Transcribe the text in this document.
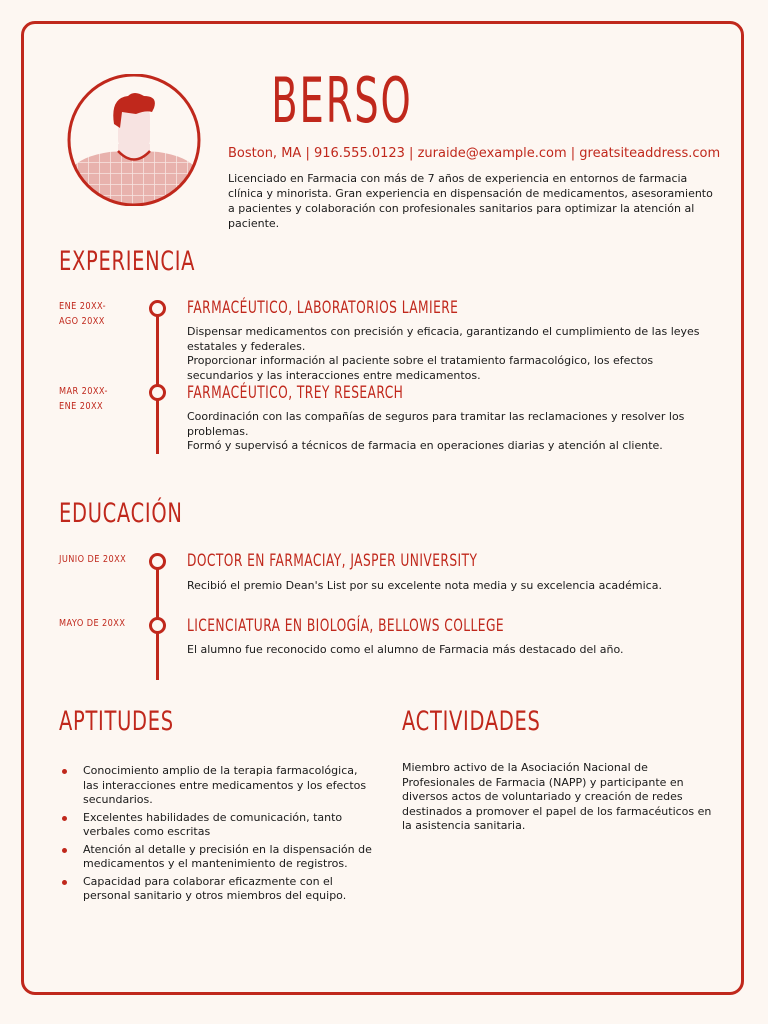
BERSO
Boston, MA | 916.555.0123 | zuraide@example.com | greatsiteaddress.com
Licenciado en Farmacia con más de 7 años de experiencia en entornos de farmacia clínica y minorista. Gran experiencia en dispensación de medicamentos, asesoramiento a pacientes y colaboración con profesionales sanitarios para optimizar la atención al paciente.
EXPERIENCIA
ENE 20XX-
AGO 20XX
FARMACÉUTICO, LABORATORIOS LAMIERE

Dispensar medicamentos con precisión y eficacia, garantizando el cumplimiento de las leyes estatales y federales.

Proporcionar información al paciente sobre el tratamiento farmacológico, los efectos secundarios y las interacciones entre medicamentos.

MAR 20XX-
ENE 20XX
FARMACÉUTICO, TREY RESEARCH

Coordinación con las compañías de seguros para tramitar las reclamaciones y resolver los problemas.

Formó y supervisó a técnicos de farmacia en operaciones diarias y atención al cliente.

EDUCACIÓN
JUNIO DE 20XX	DOCTOR EN FARMACIAY, JASPER UNIVERSITY
Recibió el premio Dean's List por su excelente nota media y su excelencia académica.
MAYO DE 20XX	LICENCIATURA EN BIOLOGÍA, BELLOWS COLLEGE
El alumno fue reconocido como el alumno de Farmacia más destacado del año.
APTITUDES
Conocimiento amplio de la terapia farmacológica, las interacciones entre medicamentos y los efectos secundarios.
Excelentes habilidades de comunicación, tanto verbales como escritas
Atención al detalle y precisión en la dispensación de medicamentos y el mantenimiento de registros.
Capacidad para colaborar eficazmente con el personal sanitario y otros miembros del equipo.
ACTIVIDADES
Miembro activo de la Asociación Nacional de Profesionales de Farmacia (NAPP) y participante en diversos actos de voluntariado y creación de redes destinados a promover el papel de los farmacéuticos en la asistencia sanitaria.
